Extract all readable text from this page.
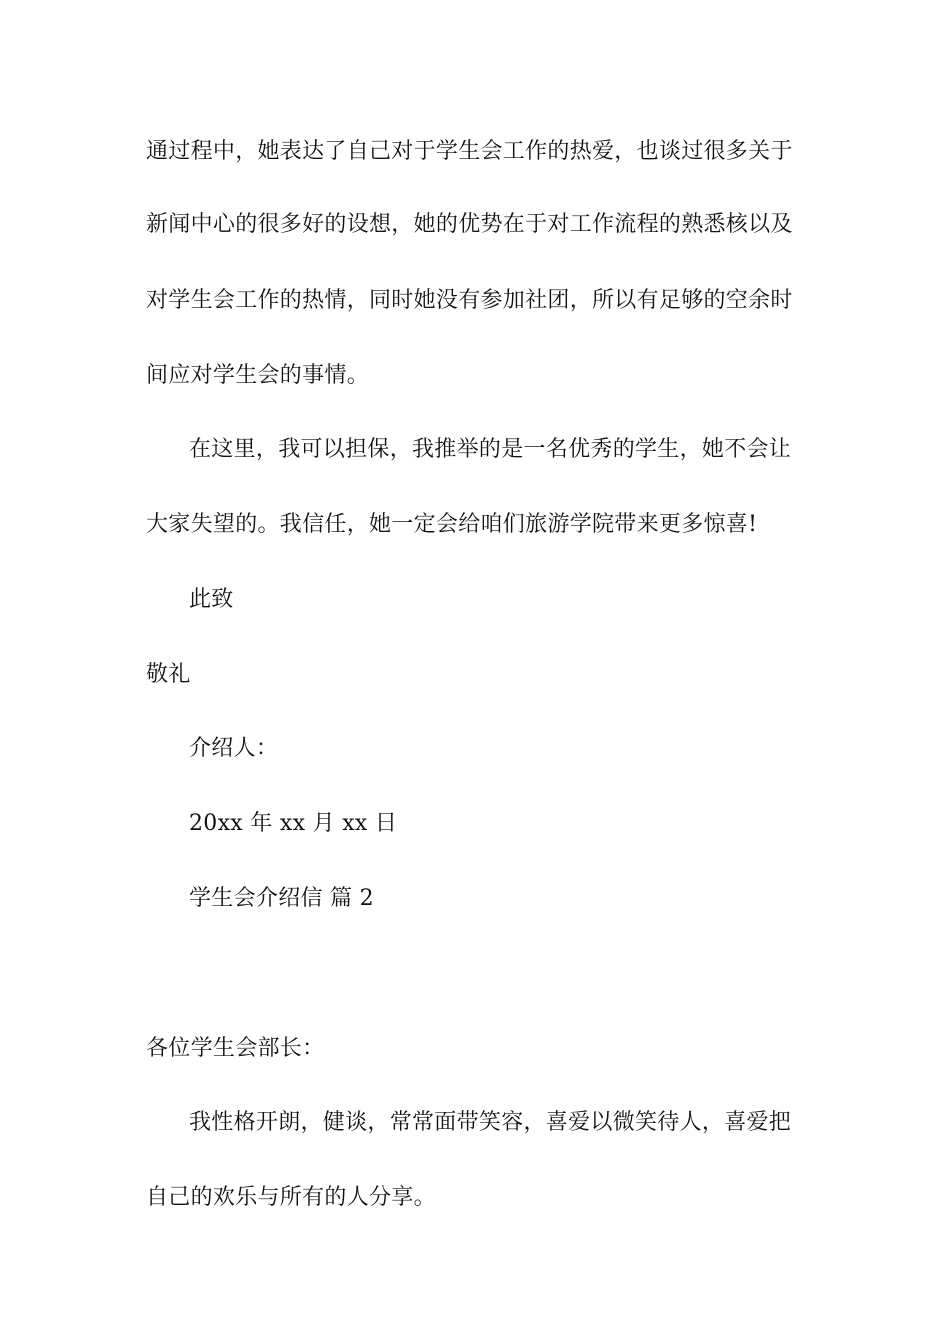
通过程中，她表达了自己对于学生会工作的热爱，也谈过很多关于
新闻中心的很多好的设想，她的优势在于对工作流程的熟悉核以及
对学生会工作的热情，同时她没有参加社团，所以有足够的空余时
间应对学生会的事情。
在这里，我可以担保，我推举的是一名优秀的学生，她不会让
大家失望的。我信任，她一定会给咱们旅游学院带来更多惊喜!
此致
敬礼
介绍人：
20xx 年 xx 月 xx 日
学生会介绍信 篇 2
各位学生会部长：
我性格开朗，健谈，常常面带笑容，喜爱以微笑待人，喜爱把
自己的欢乐与所有的人分享。
